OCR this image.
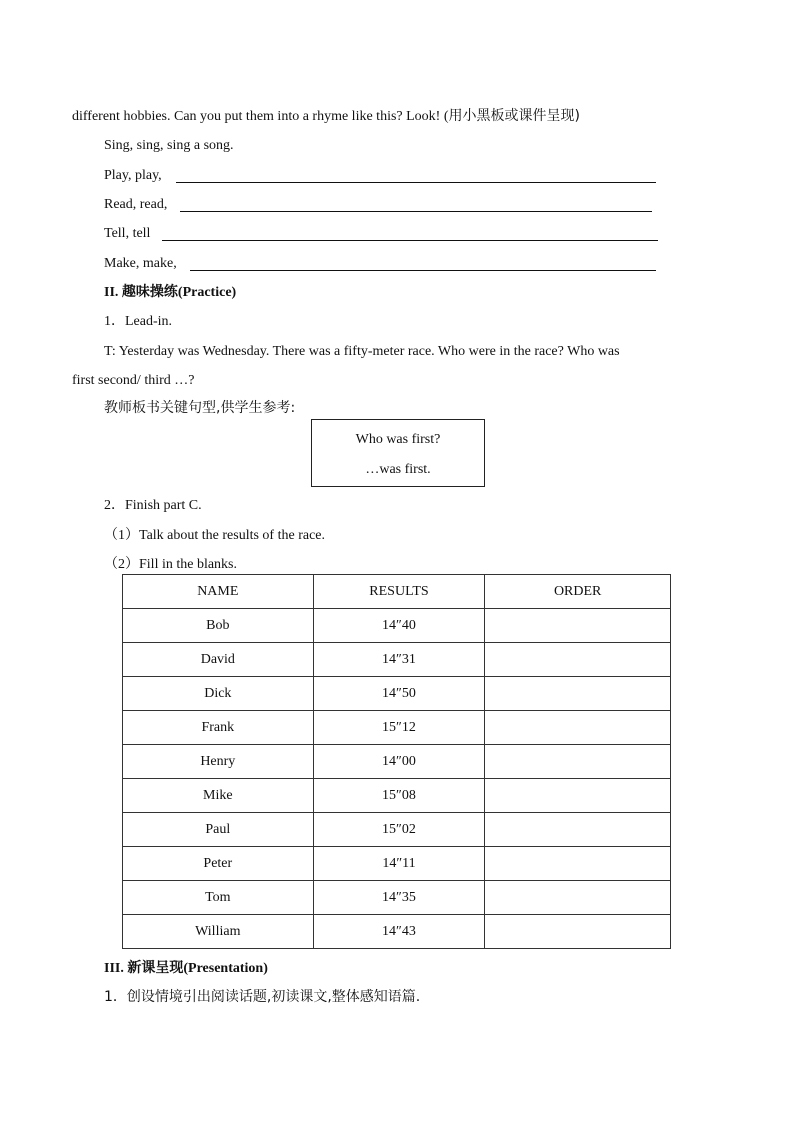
different hobbies. Can you put them into a rhyme like this? Look! (用小黑板或课件呈现)
Sing, sing, sing a song.
Play, play,
Read, read,
Tell, tell
Make, make,
II. 趣味操练(Practice)
1．Lead-in.
T: Yesterday was Wednesday. There was a fifty-meter race. Who were in the race? Who was
first second/ third …?
教师板书关键句型,供学生参考:
Who was first?
…was first.
2．Finish part C.
（1）Talk about the results of the race.
（2）Fill in the blanks.
NAME	RESULTS	ORDER
Bob	14″40	
David	14″31	
Dick	14″50	
Frank	15″12	
Henry	14″00	
Mike	15″08	
Paul	15″02	
Peter	14″11	
Tom	14″35	
William	14″43	
III. 新课呈现(Presentation)
1．创设情境引出阅读话题,初读课文,整体感知语篇.
